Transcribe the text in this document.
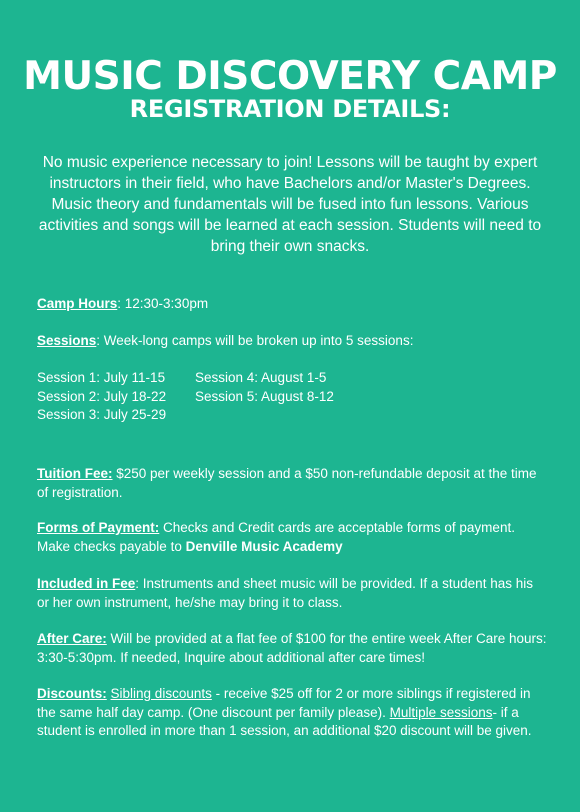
MUSIC DISCOVERY CAMP
REGISTRATION DETAILS:
No music experience necessary to join! Lessons will be taught by expert instructors in their field, who have Bachelors and/or Master's Degrees. Music theory and fundamentals will be fused into fun lessons. Various activities and songs will be learned at each session. Students will need to bring their own snacks.
Camp Hours: 12:30-3:30pm
Sessions: Week-long camps will be broken up into 5 sessions:
Session 1: July 11-15
Session 2: July 18-22
Session 3: July 25-29
Session 4: August 1-5
Session 5: August 8-12
Tuition Fee: $250 per weekly session and a $50 non-refundable deposit at the time of registration.
Forms of Payment: Checks and Credit cards are acceptable forms of payment. Make checks payable to Denville Music Academy
Included in Fee: Instruments and sheet music will be provided. If a student has his or her own instrument, he/she may bring it to class.
After Care: Will be provided at a flat fee of $100 for the entire week After Care hours: 3:30-5:30pm. If needed, Inquire about additional after care times!
Discounts: Sibling discounts - receive $25 off for 2 or more siblings if registered in the same half day camp. (One discount per family please). Multiple sessions- if a student is enrolled in more than 1 session, an additional $20 discount will be given.
